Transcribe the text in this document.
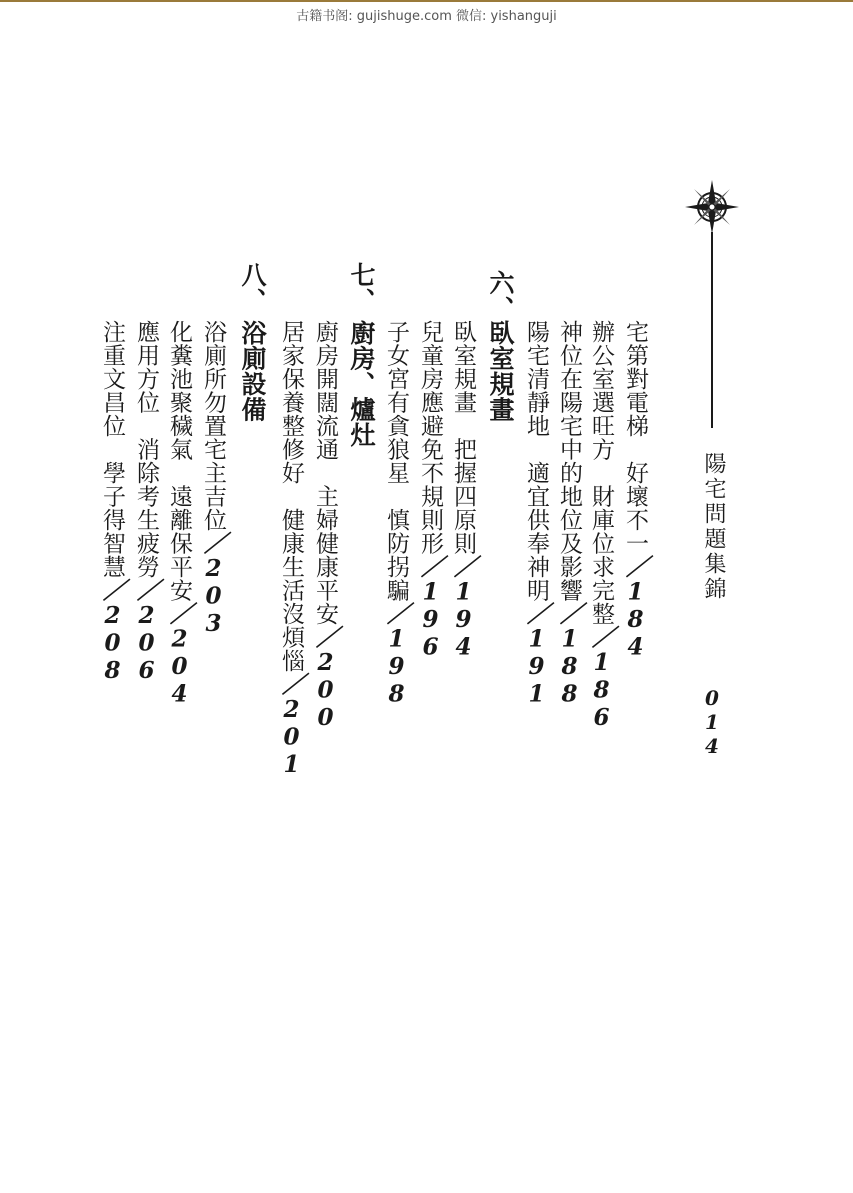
古籍书阁: gujishuge.com 微信: yishanguji
陽宅問題集錦
014
宅第對電梯　好壞不一／184
辦公室選旺方　財庫位求完整／186
神位在陽宅中的地位及影響／188
陽宅清靜地　適宜供奉神明／191
六、
臥室規畫
臥室規畫　把握四原則／194
兒童房應避免不規則形／196
子女宮有貪狼星　慎防拐騙／198
七、
廚房、爐灶
廚房開闊流通　主婦健康平安／200
居家保養整修好　健康生活沒煩惱／201
八、
浴廁設備
浴廁所勿置宅主吉位／203
化糞池聚穢氣　遠離保平安／204
應用方位　消除考生疲勞／206
注重文昌位　學子得智慧／208
